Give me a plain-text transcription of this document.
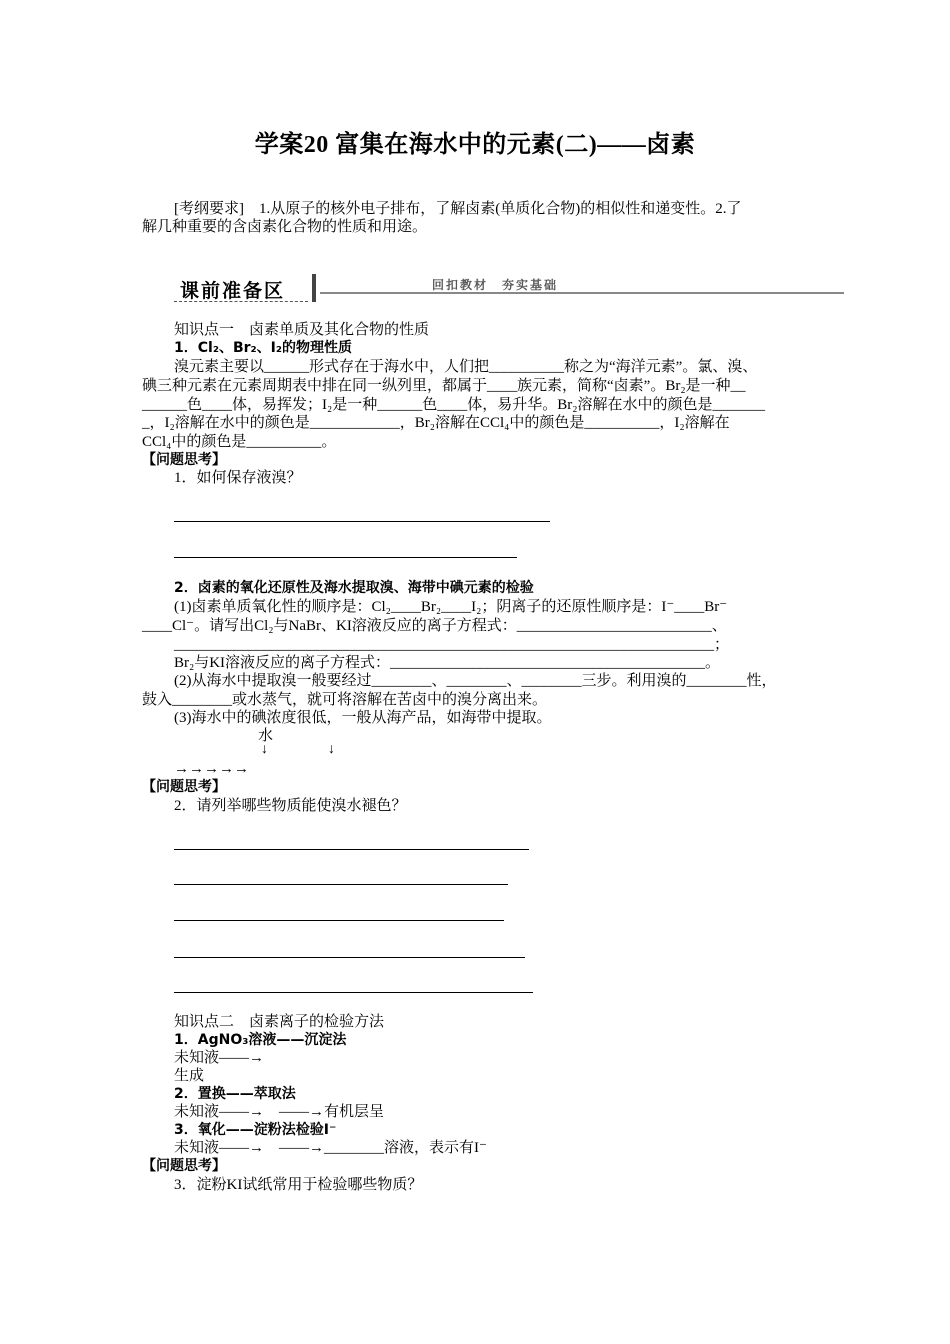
学案20 富集在海水中的元素(二)——卤素
[考纲要求]　1.从原子的核外电子排布，了解卤素(单质化合物)的相似性和递变性。2.了
解几种重要的含卤素化合物的性质和用途。
课前准备区	回扣教材　夯实基础
知识点一　卤素单质及其化合物的性质
1．Cl₂、Br₂、I₂的物理性质
溴元素主要以______形式存在于海水中，人们把__________称之为“海洋元素”。氯、溴、
碘三种元素在元素周期表中排在同一纵列里，都属于____族元素，简称“卤素”。Br₂是一种__
______色____体，易挥发；I₂是一种______色____体，易升华。Br₂溶解在水中的颜色是_______
_，I₂溶解在水中的颜色是____________，Br₂溶解在CCl₄中的颜色是__________，I₂溶解在
CCl₄中的颜色是__________。
【问题思考】
1．如何保存液溴？
2．卤素的氧化还原性及海水提取溴、海带中碘元素的检验
(1)卤素单质氧化性的顺序是：Cl₂____Br₂____I₂；阴离子的还原性顺序是：I⁻____Br⁻
____Cl⁻。请写出Cl₂与NaBr、KI溶液反应的离子方程式：__________________________、
________________________________________________________________________；
Br₂与KI溶液反应的离子方程式：__________________________________________。
(2)从海水中提取溴一般要经过________、________、________三步。利用溴的________性，
鼓入________或水蒸气，就可将溶解在苦卤中的溴分离出来。
(3)海水中的碘浓度很低，一般从海产品，如海带中提取。
水
↓	↓
→→→→→
【问题思考】
2．请列举哪些物质能使溴水褪色？
知识点二　卤素离子的检验方法
1．AgNO₃溶液——沉淀法
未知液——→
生成
2．置换——萃取法
未知液——→　——→有机层呈
3．氧化——淀粉法检验I⁻
未知液——→　——→________溶液，表示有I⁻
【问题思考】
3．淀粉KI试纸常用于检验哪些物质？
